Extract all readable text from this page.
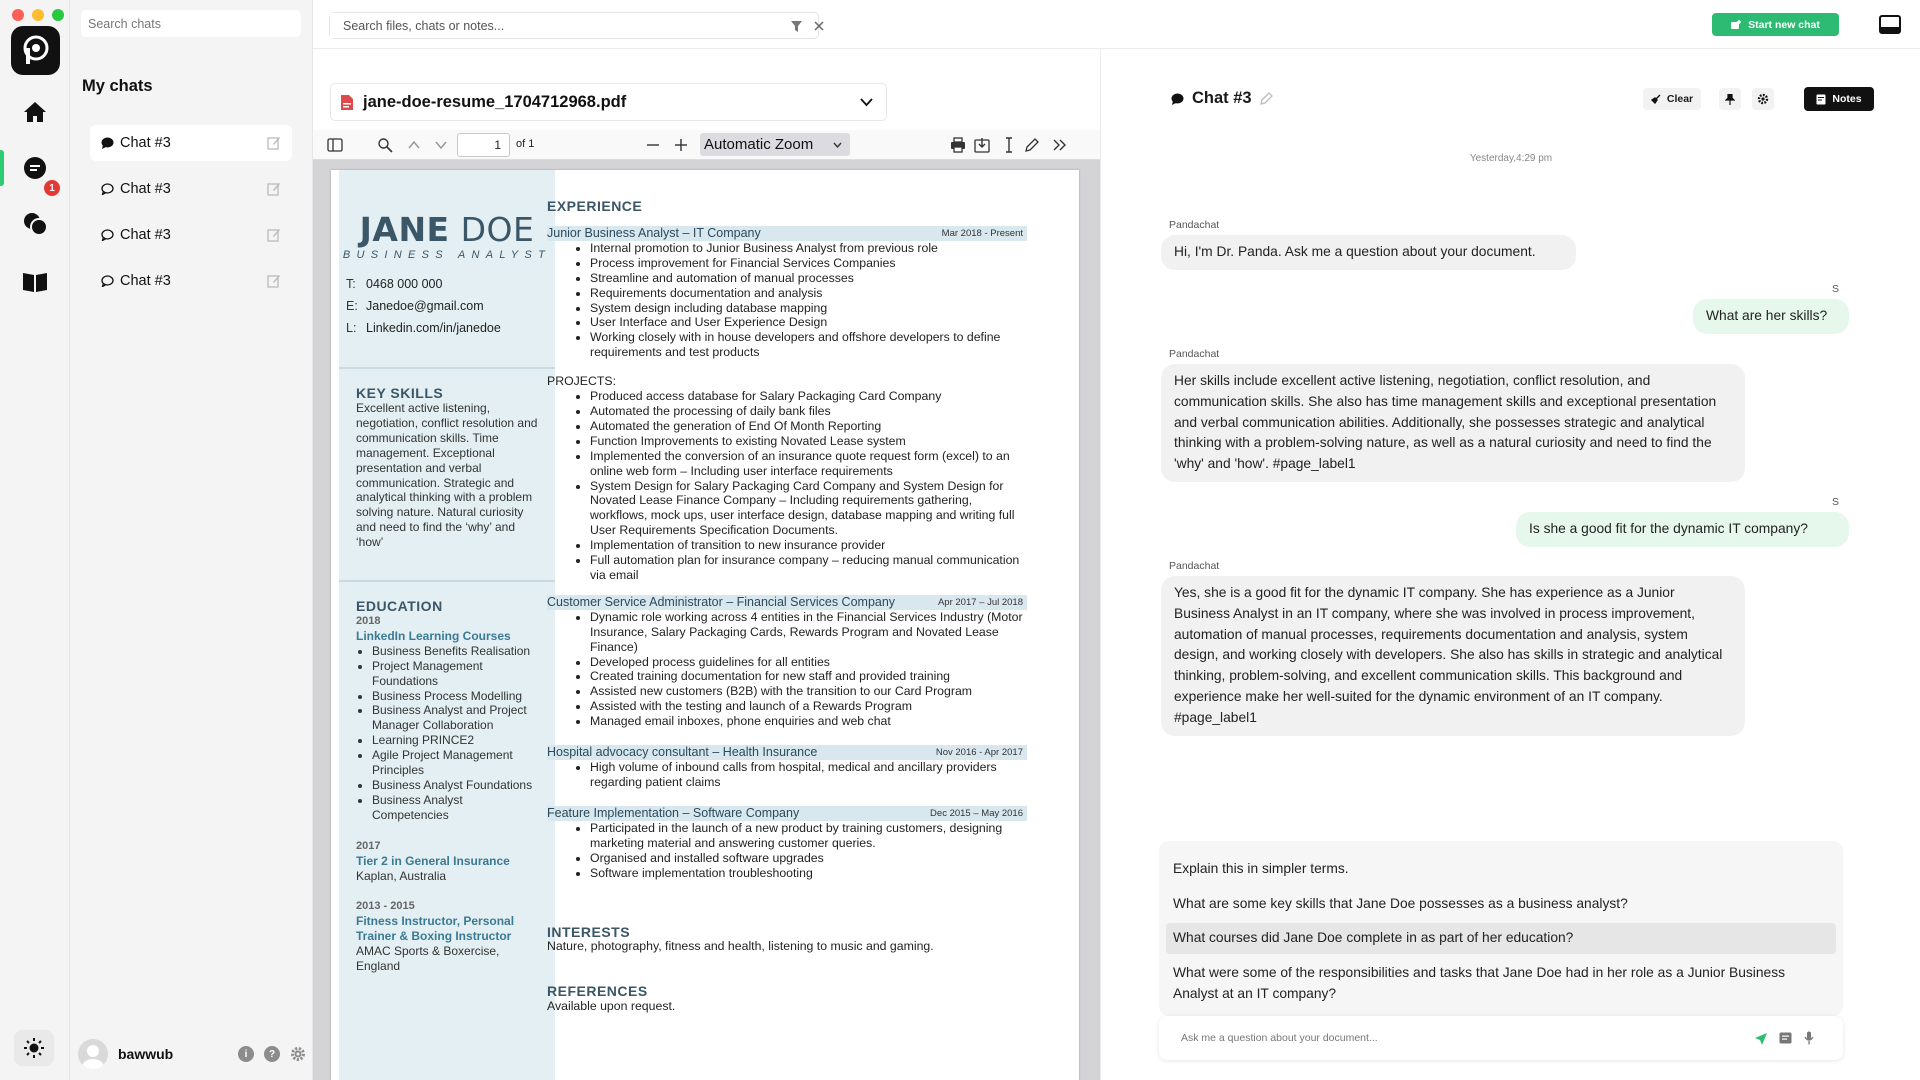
1
Search chats
My chats
Chat #3
Chat #3
Chat #3
Chat #3
bawwub	i	?
Search files, chats or notes...
Start new chat
jane-doe-resume_1704712968.pdf
1	of 1	Automatic Zoom
JANE DOE
BUSINESS ANALYST
T: 0468 000 000
E: Janedoe@gmail.com
L: Linkedin.com/in/janedoe
KEY SKILLS
Excellent active listening, negotiation, conflict resolution and communication skills. Time management. Exceptional presentation and verbal communication. Strategic and analytical thinking with a problem solving nature. Natural curiosity and need to find the ‘why’ and ‘how’
EDUCATION
2018
LinkedIn Learning Courses
• Business Benefits Realisation
• Project Management Foundations
• Business Process Modelling
• Business Analyst and Project Manager Collaboration
• Learning PRINCE2
• Agile Project Management Principles
• Business Analyst Foundations
• Business Analyst Competencies
2017
Tier 2 in General Insurance
Kaplan, Australia
2013 - 2015
Fitness Instructor, Personal Trainer & Boxing Instructor
AMAC Sports & Boxercise, England
EXPERIENCE
Junior Business Analyst – IT Company	Mar 2018 - Present
• Internal promotion to Junior Business Analyst from previous role
• Process improvement for Financial Services Companies
• Streamline and automation of manual processes
• Requirements documentation and analysis
• System design including database mapping
• User Interface and User Experience Design
• Working closely with in house developers and offshore developers to define requirements and test products
PROJECTS:
• Produced access database for Salary Packaging Card Company
• Automated the processing of daily bank files
• Automated the generation of End Of Month Reporting
• Function Improvements to existing Novated Lease system
• Implemented the conversion of an insurance quote request form (excel) to an online web form – Including user interface requirements
• System Design for Salary Packaging Card Company and System Design for Novated Lease Finance Company – Including requirements gathering, workflows, mock ups, user interface design, database mapping and writing full User Requirements Specification Documents.
• Implementation of transition to new insurance provider
• Full automation plan for insurance company – reducing manual communication via email
Customer Service Administrator – Financial Services Company	Apr 2017 – Jul 2018
• Dynamic role working across 4 entities in the Financial Services Industry (Motor Insurance, Salary Packaging Cards, Rewards Program and Novated Lease Finance)
• Developed process guidelines for all entities
• Created training documentation for new staff and provided training
• Assisted new customers (B2B) with the transition to our Card Program
• Assisted with the testing and launch of a Rewards Program
• Managed email inboxes, phone enquiries and web chat
Hospital advocacy consultant – Health Insurance	Nov 2016 - Apr 2017
• High volume of inbound calls from hospital, medical and ancillary providers regarding patient claims
Feature Implementation – Software Company	Dec 2015 – May 2016
• Participated in the launch of a new product by training customers, designing marketing material and answering customer queries.
• Organised and installed software upgrades
• Software implementation troubleshooting
INTERESTS
Nature, photography, fitness and health, listening to music and gaming.
REFERENCES
Available upon request.
Chat #3	Clear	Notes
Yesterday,4:29 pm
Pandachat
Hi, I'm Dr. Panda. Ask me a question about your document.
S
What are her skills?
Pandachat
Her skills include excellent active listening, negotiation, conflict resolution, and communication skills. She also has time management skills and exceptional presentation and verbal communication abilities. Additionally, she possesses strategic and analytical thinking with a problem-solving nature, as well as a natural curiosity and need to find the 'why' and 'how'. #page_label1
S
Is she a good fit for the dynamic IT company?
Pandachat
Yes, she is a good fit for the dynamic IT company. She has experience as a Junior Business Analyst in an IT company, where she was involved in process improvement, automation of manual processes, requirements documentation and analysis, system design, and working closely with developers. She also has skills in strategic and analytical thinking, problem-solving, and excellent communication skills. This background and experience make her well-suited for the dynamic environment of an IT company. #page_label1
Explain this in simpler terms.
What are some key skills that Jane Doe possesses as a business analyst?
What courses did Jane Doe complete in as part of her education?
What were some of the responsibilities and tasks that Jane Doe had in her role as a Junior Business Analyst at an IT company?
Ask me a question about your document...
